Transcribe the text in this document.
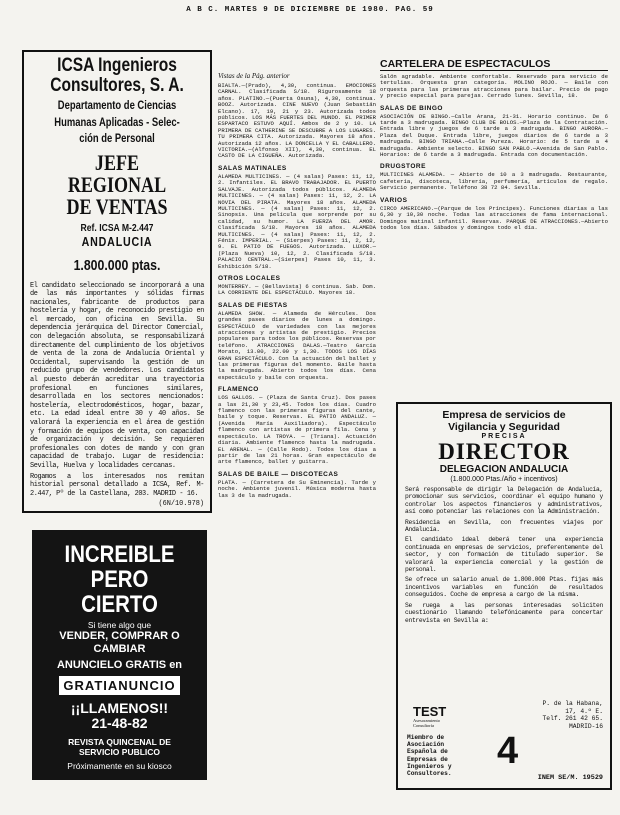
A B C. MARTES 9 DE DICIEMBRE DE 1980. PAG. 59
ICSA Ingenieros
Consultores, S. A.
Departamento de Ciencias
Humanas Aplicadas - Selec-
ción de Personal
JEFE REGIONAL
DE VENTAS
Ref. ICSA M-2.447
ANDALUCIA
1.800.000 ptas.
El candidato seleccionado se incorporará a una de las más importantes y sólidas firmas nacionales, fabricante de productos para hostelería y hogar, de reconocido prestigio en el mercado, con oficina en Sevilla. Su dependencia jerárquica del Director Comercial, con delegación absoluta, se responsabilizará directamente del cumplimiento de los objetivos de venta de la zona de Andalucía Oriental y Occidental, supervisando la gestión de un reducido grupo de vendedores. Los candidatos al puesto deberán acreditar una trayectoria profesional en funciones similares, desarrollada en los sectores mencionados: hostelería, electrodomésticos, hogar, bazar, etc. La edad ideal entre 30 y 40 años. Se valorará la experiencia en el área de gestión y formación de equipos de venta, con capacidad de organización y decisión. Se requieren profesionales con dotes de mando y con gran capacidad de trabajo. Lugar de residencia: Sevilla, Huelva y localidades cercanas.
Rogamos a los interesados nos remitan historial personal detallado a ICSA, Ref. M-2.447, Pº de la Castellana, 203. MADRID - 16.
(6N/10.978)
INCREIBLE
PERO
CIERTO
Si tiene algo que
VENDER, COMPRAR O
CAMBIAR
ANUNCIELO GRATIS en
GRATIANUNCIO
¡¡LLAMENOS!!
21-48-82
REVISTA QUINCENAL DE
SERVICIO PUBLICO
Próximamente en su kiosco
Vistas de la Pág. anterior
BIALTA.—(Prado), 4,30, continua. EMOCIONES CARNAL. Clasificada S/18. Rigurosamente 18 años. PLATINO.—(Puerta Osuna), 4,30, continua. BOOZ. Autorizada. CINE NUEVO (Juan Sebastián Elcano). 17, 19, 21 y 23. Autorizada todos públicos. LOS MÁS FUERTES DEL MUNDO. EL PRIMER ESPARTACO ESTUVO AQUÍ. Ambos de 2 y 10. LA PRIMERA DE CATHERINE SE DESCUBRE A LOS LUGARES. TU PRIMERA CITA. Autorizada. Mayores 18 años. Autorizada 12 años. LA DONCELLA Y EL CABALLERO. VICTORIA.—(Alfonso XII), 4,30, continua. EL CASTO DE LA CIGUEÑA. Autorizada.
SALAS MATINALES
ALAMEDA MULTICINES. — (4 salas) Pases: 11, 12, 2. Infantiles. EL BRAVO TRABAJADOR. EL PUERTO SALVAJE. Autorizada todos públicos. ALAMEDA MULTICINES. — (4 salas) Pases: 11, 12, 2. LA NOVIA DEL PIRATA. Mayores 18 años. ALAMEDA MULTICINES. — (4 salas) Pases: 11, 12, 2. Sinopsis. Una película que sorprende por su calidad, su humor. LA FUERZA DEL AMOR. Clasificada S/18. Mayores 18 años. ALAMEDA MULTICINES. — (4 salas) Pases: 11, 12, 2. Fénix. IMPERIAL. — (Sierpes) Pases: 11, 2, 12, 9. EL PATIO DE FUEGOS. Autorizada. LUXOR.—(Plaza Nueva) 10, 12, 2. Clasificada S/18. PALACIO CENTRAL.—(Sierpes) Pases 10, 11, 3. Exhibición S/18.
OTROS LOCALES
MONTERREY. — (Bellavista) 6 continua. Sab. Dom. LA CORRIENTE DEL ESPECTÁCULO. Mayores 18.
SALAS DE FIESTAS
ALAMEDA SHOW. — Alameda de Hércules. Dos grandes pases diarios de lunes a domingo. ESPECTÁCULO de variedades con las mejores atracciones y artistas de prestigio. Precios populares para todos los públicos. Reservas por teléfono. ATRACCIONES DALAS.—Teatro García Morato, 13.00, 22.00 y 1,30. TODOS LOS DÍAS GRAN ESPECTÁCULO. Con la actuación del ballet y las primeras figuras del momento. Baile hasta la madrugada. Abierto todos los días. Cena espectáculo y baile con orquesta.
FLAMENCO
LOS GALLOS. — (Plaza de Santa Cruz). Dos pases a las 21,30 y 23,45. Todos los días. Cuadro flamenco con las primeras figuras del cante, baile y toque. Reservas. EL PATIO ANDALUZ. — (Avenida María Auxiliadora). Espectáculo flamenco con artistas de primera fila. Cena y espectáculo. LA TROYA. — (Triana). Actuación diaria. Ambiente flamenco hasta la madrugada. EL ARENAL. — (Calle Rodo). Todos los días a partir de las 21 horas. Gran espectáculo de arte flamenco, ballet y guitarra.
SALAS DE BAILE — DISCOTECAS
PLATA. — (Carretera de Su Eminencia). Tarde y noche. Ambiente juvenil. Música moderna hasta las 3 de la madrugada.
CARTELERA DE ESPECTACULOS
Salón agradable. Ambiente confortable. Reservado para servicio de tertulias. Orquesta gran categoría. MOLINO ROJO. — Baile con orquesta para las primeras atracciones para bailar. Precio de pago y precio especial para parejas. Cerrado lunes. Sevilla, 18.
SALAS DE BINGO
ASOCIACIÓN DE BINGO.—Calle Arana, 21-31. Horario continuo. De 6 tarde a 3 madrugada. BINGO CLUB DE BOLOS.—Plaza de la Contratación. Entrada libre y juegos de 6 tarde a 3 madrugada. BINGO AURORA.—Plaza del Duque. Entrada libre, juegos diarios de 6 tarde a 3 madrugada. BINGO TRIANA.—Calle Pureza. Horario: de 5 tarde a 4 madrugada. Ambiente selecto. BINGO SAN PABLO.—Avenida de San Pablo. Horarios: de 6 tarde a 3 madrugada. Entrada con documentación.
DRUGSTORE
MULTICINES ALAMEDA. — Abierto de 10 a 3 madrugada. Restaurante, cafetería, discoteca, librería, perfumería, artículos de regalo. Servicio permanente. Teléfono 38 72 84. Sevilla.
VARIOS
CIRCO AMERICANO.—(Parque de los Príncipes). Funciones diarias a las 6,30 y 10,30 noche. Todas las atracciones de fama internacional. Domingos matinal infantil. Reservas. PARQUE DE ATRACCIONES.—Abierto todos los días. Sábados y domingos todo el día.
Empresa de servicios de
Vigilancia y Seguridad
PRECISA
DIRECTOR
DELEGACION ANDALUCIA
(1.800.000 Ptas./Año + incentivos)
Será responsable de dirigir la Delegación de Andalucía, promocionar sus servicios, coordinar el equipo humano y controlar los aspectos financieros y administrativos, así como potenciar las relaciones con la Administración.
Residencia en Sevilla, con frecuentes viajes por Andalucía.
El candidato ideal deberá tener una experiencia continuada en empresas de servicios, preferentemente del sector, y con formación de titulado superior. Se valorará la experiencia comercial y la gestión de personal.
Se ofrece un salario anual de 1.800.000 Ptas. fijas más incentivos variables en función de resultados conseguidos. Coche de empresa a cargo de la misma.
Se ruega a las personas interesadas soliciten cuestionario llamando telefónicamente para concertar entrevista en Sevilla a:
TEST
Asesoramiento Consultoría
P. de la Habana,
17, 4.º E.
Telf. 261 42 65.
MADRID-16
Miembro de Asociación Española de Empresas de Ingenieros y Consultores.
4
INEM SE/M. 19529
